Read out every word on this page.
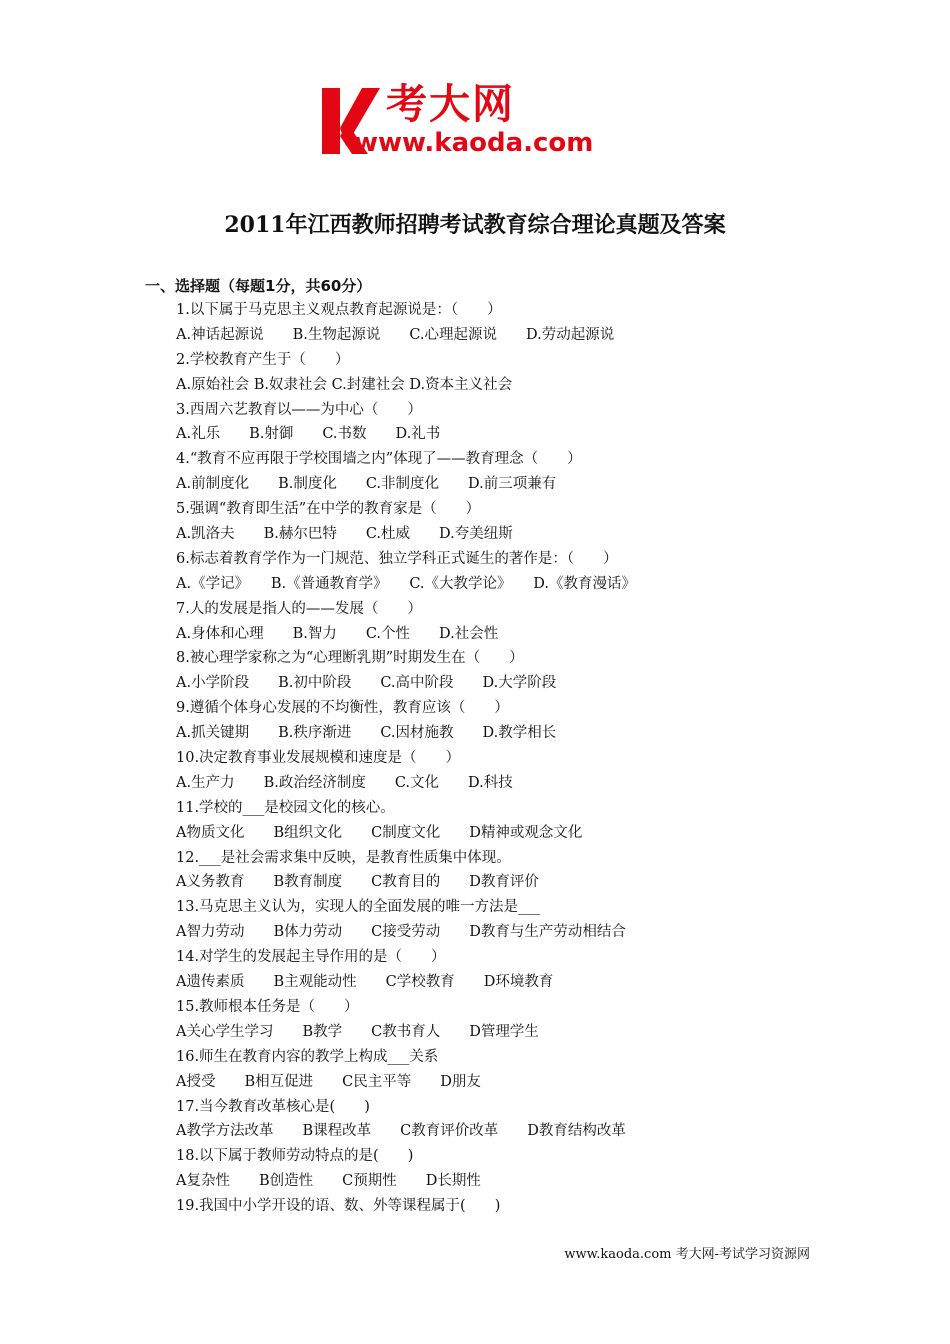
考大网
www.kaoda.com
2011年江西教师招聘考试教育综合理论真题及答案
一、选择题（每题1分，共60分）
1.以下属于马克思主义观点教育起源说是：（　　）
A.神话起源说　　B.生物起源说　　C.心理起源说　　D.劳动起源说
2.学校教育产生于（　　）
A.原始社会 B.奴隶社会 C.封建社会 D.资本主义社会
3.西周六艺教育以——为中心（　　）
A.礼乐　　B.射御　　C.书数　　D.礼书
4.“教育不应再限于学校围墙之内”体现了——教育理念（　　）
A.前制度化　　B.制度化　　C.非制度化　　D.前三项兼有
5.强调“教育即生活”在中学的教育家是（　　）
A.凯洛夫　　B.赫尔巴特　　C.杜威　　D.夸美纽斯
6.标志着教育学作为一门规范、独立学科正式诞生的著作是：（　　）
A.《学记》　　B.《普通教育学》　　C.《大教学论》　　D.《教育漫话》
7.人的发展是指人的——发展（　　）
A.身体和心理　　B.智力　　C.个性　　D.社会性
8.被心理学家称之为“心理断乳期”时期发生在（　　）
A.小学阶段　　B.初中阶段　　C.高中阶段　　D.大学阶段
9.遵循个体身心发展的不均衡性，教育应该（　　）
A.抓关键期　　B.秩序渐进　　C.因材施教　　D.教学相长
10.决定教育事业发展规模和速度是（　　）
A.生产力　　B.政治经济制度　　C.文化　　D.科技
11.学校的___是校园文化的核心。
A物质文化　　B组织文化　　C制度文化　　D精神或观念文化
12.___是社会需求集中反映，是教育性质集中体现。
A义务教育　　B教育制度　　C教育目的　　D教育评价
13.马克思主义认为，实现人的全面发展的唯一方法是___
A智力劳动　　B体力劳动　　C接受劳动　　D教育与生产劳动相结合
14.对学生的发展起主导作用的是（　　）
A遗传素质　　B主观能动性　　C学校教育　　D环境教育
15.教师根本任务是（　　）
A关心学生学习　　B教学　　C教书育人　　D管理学生
16.师生在教育内容的教学上构成___关系
A授受　　B相互促进　　C民主平等　　D朋友
17.当今教育改革核心是(　　)
A教学方法改革　　B课程改革　　C教育评价改革　　D教育结构改革
18.以下属于教师劳动特点的是(　　)
A复杂性　　B创造性　　C预期性　　D长期性
19.我国中小学开设的语、数、外等课程属于(　　)
www.kaoda.com 考大网-考试学习资源网
